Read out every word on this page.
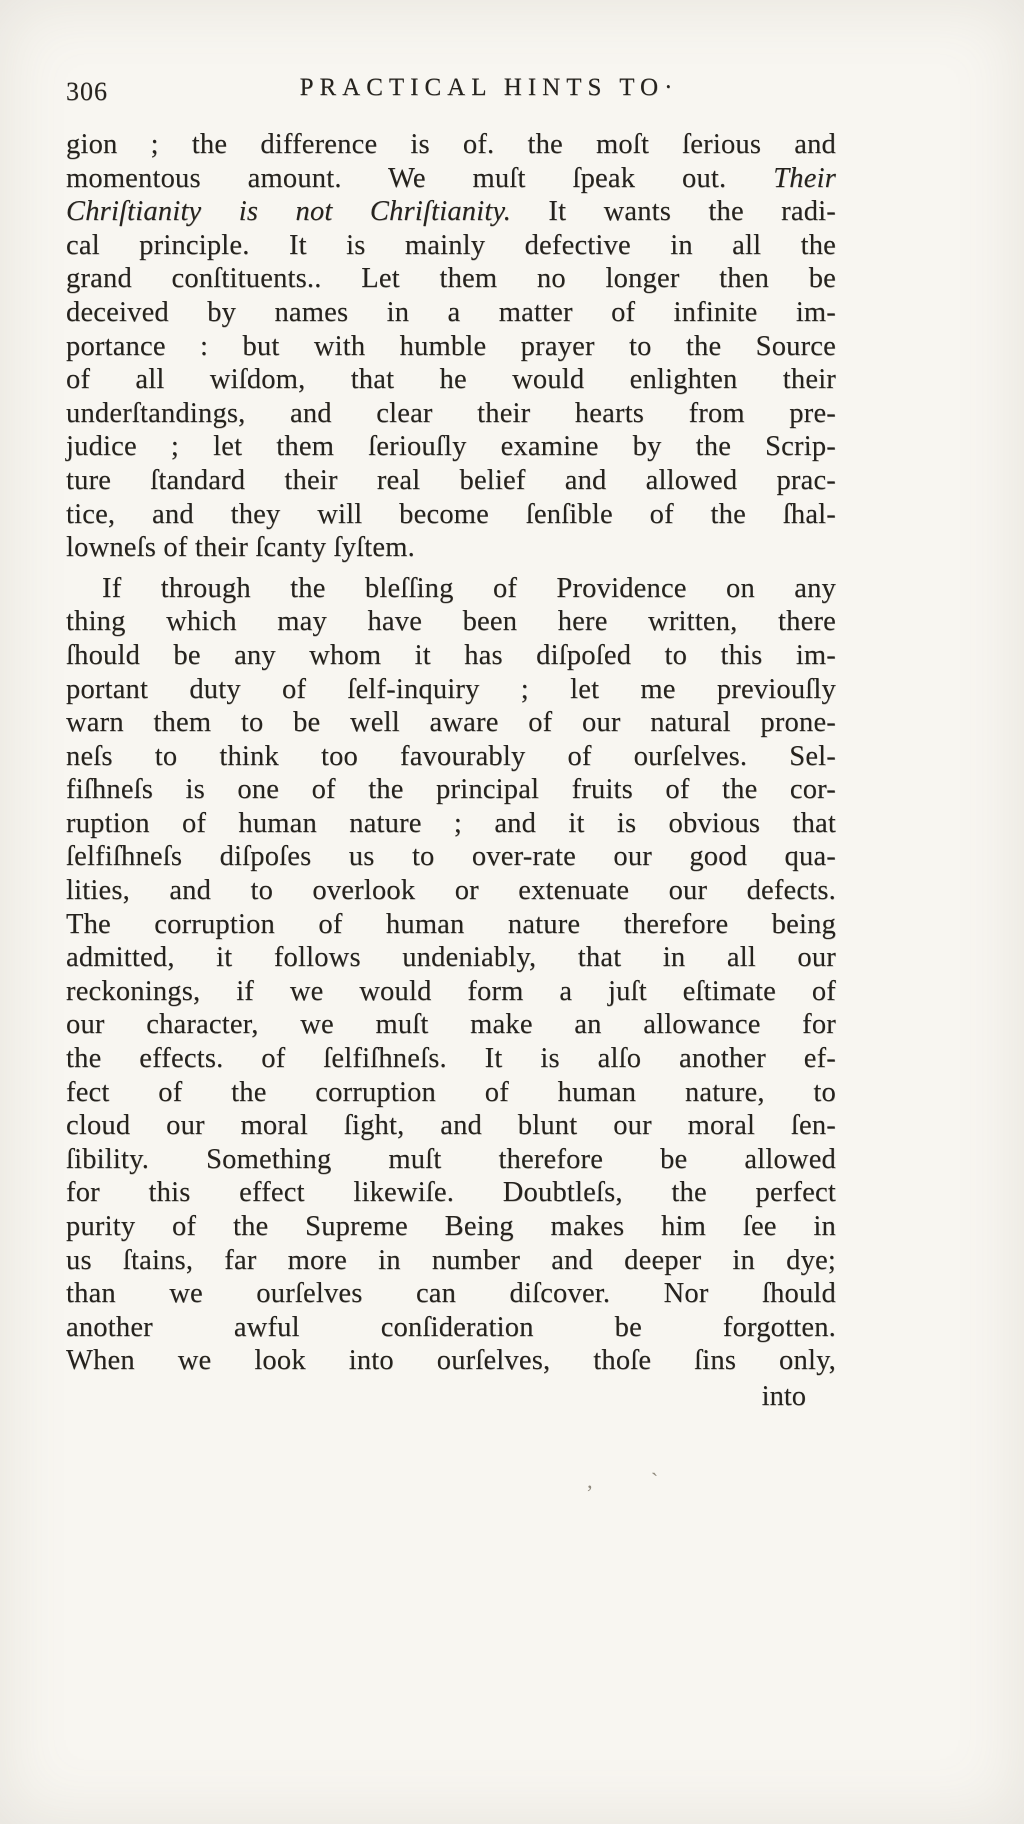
306	PRACTICAL HINTS TO·
gion ; the difference is of. the moſt ſerious and
momentous amount. We muſt ſpeak out. Their
Chriſtianity is not Chriſtianity. It wants the radi-
cal principle. It is mainly defective in all the
grand conſtituents.. Let them no longer then be
deceived by names in a matter of infinite im-
portance : but with humble prayer to the Source
of all wiſdom, that he would enlighten their
underſtandings, and clear their hearts from pre-
judice ; let them ſeriouſly examine by the Scrip-
ture ſtandard their real belief and allowed prac-
tice, and they will become ſenſible of the ſhal-
lowneſs of their ſcanty ſyſtem.
If through the bleſſing of Providence on any
thing which may have been here written, there
ſhould be any whom it has diſpoſed to this im-
portant duty of ſelf-inquiry ; let me previouſly
warn them to be well aware of our natural prone-
neſs to think too favourably of ourſelves. Sel-
fiſhneſs is one of the principal fruits of the cor-
ruption of human nature ; and it is obvious that
ſelfiſhneſs diſpoſes us to over-rate our good qua-
lities, and to overlook or extenuate our defects.
The corruption of human nature therefore being
admitted, it follows undeniably, that in all our
reckonings, if we would form a juſt eſtimate of
our character, we muſt make an allowance for
the effects. of ſelfiſhneſs. It is alſo another ef-
fect of the corruption of human nature, to
cloud our moral ſight, and blunt our moral ſen-
ſibility. Something muſt therefore be allowed
for this effect likewiſe. Doubtleſs, the perfect
purity of the Supreme Being makes him ſee in
us ſtains, far more in number and deeper in dye;
than we ourſelves can diſcover. Nor ſhould
another awful conſideration be forgotten.
When we look into ourſelves, thoſe ſins only,
into
‚ ˋ
